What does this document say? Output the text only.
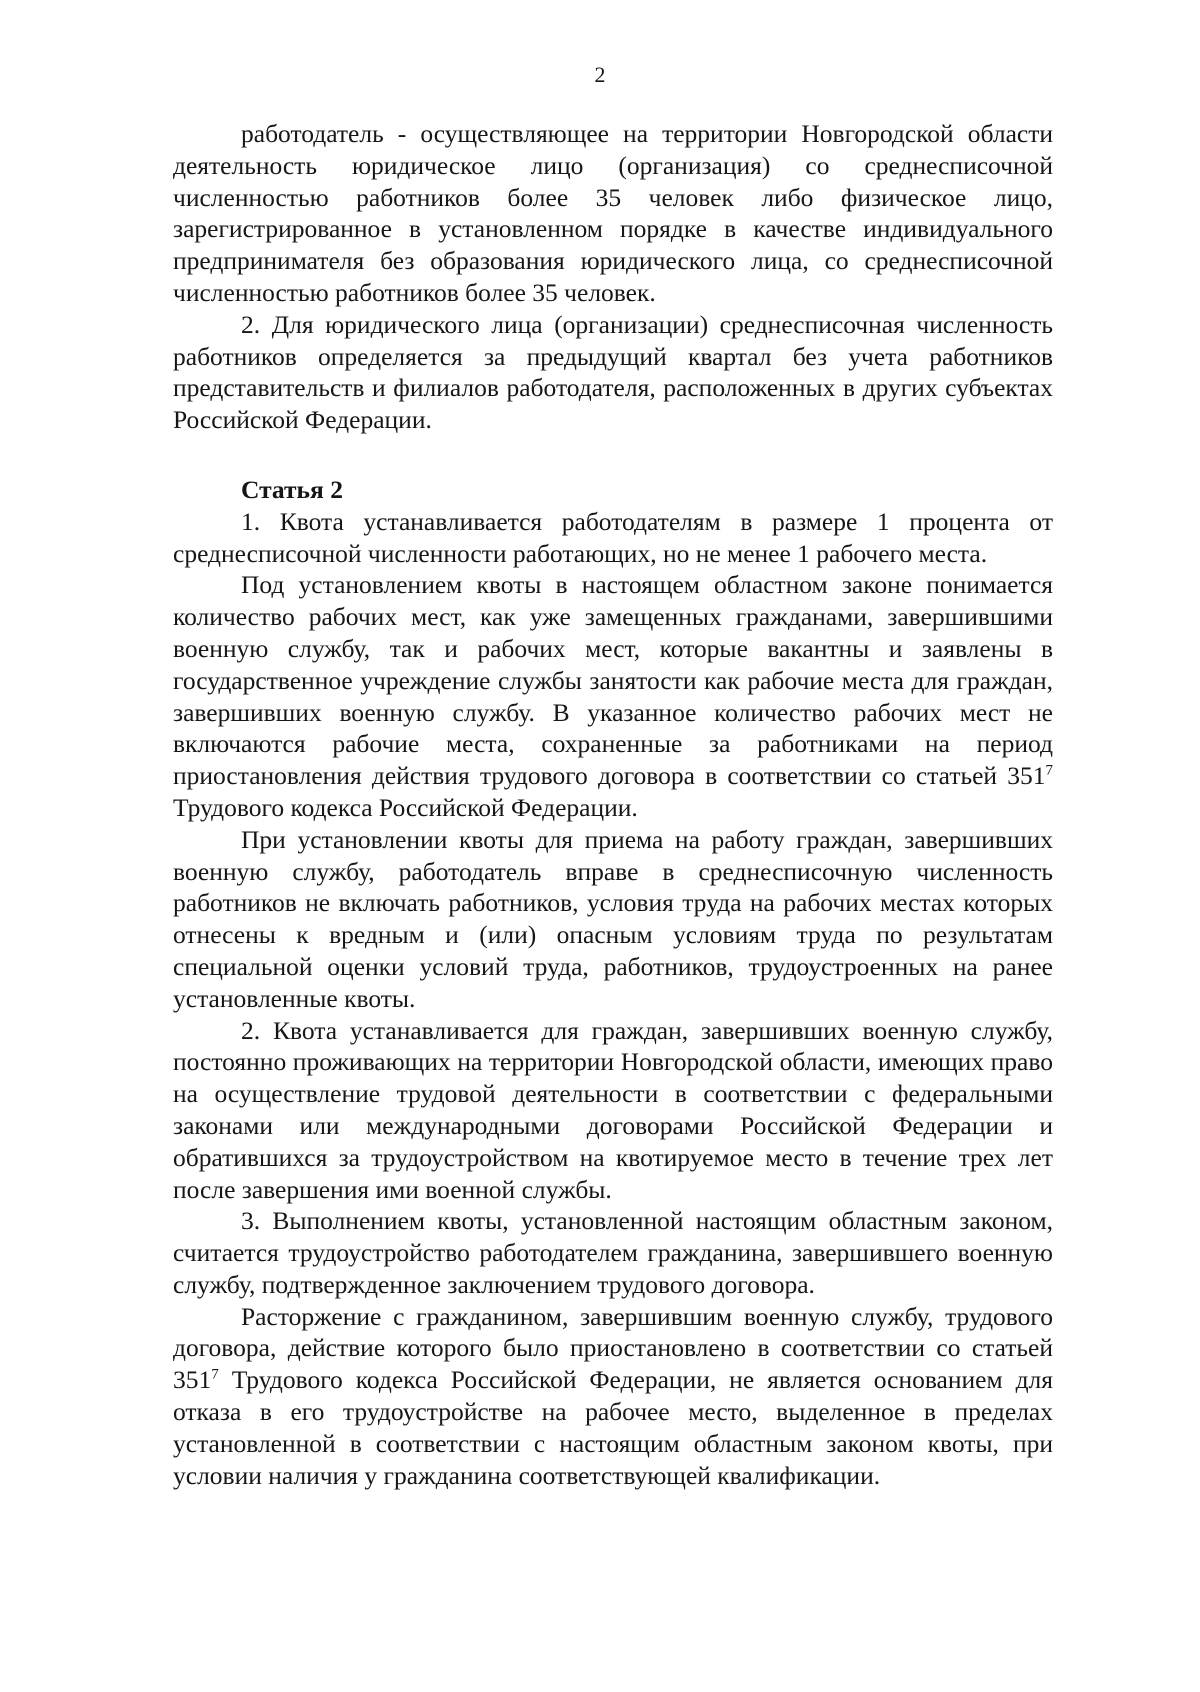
2

работодатель - осуществляющее на территории Новгородской области деятельность юридическое лицо (организация) со среднесписочной численностью работников более 35 человек либо физическое лицо, зарегистрированное в установленном порядке в качестве индивидуального предпринимателя без образования юридического лица, со среднесписочной численностью работников более 35 человек.

2. Для юридического лица (организации) среднесписочная численность работников определяется за предыдущий квартал без учета работников представительств и филиалов работодателя, расположенных в других субъектах Российской Федерации.

Статья 2

1. Квота устанавливается работодателям в размере 1 процента от среднесписочной численности работающих, но не менее 1 рабочего места.

Под установлением квоты в настоящем областном законе понимается количество рабочих мест, как уже замещенных гражданами, завершившими военную службу, так и рабочих мест, которые вакантны и заявлены в государственное учреждение службы занятости как рабочие места для граждан, завершивших военную службу. В указанное количество рабочих мест не включаются рабочие места, сохраненные за работниками на период приостановления действия трудового договора в соответствии со статьей $351^7$ Трудового кодекса Российской Федерации.

При установлении квоты для приема на работу граждан, завершивших военную службу, работодатель вправе в среднесписочную численность работников не включать работников, условия труда на рабочих местах которых отнесены к вредным и (или) опасным условиям труда по результатам специальной оценки условий труда, работников, трудоустроенных на ранее установленные квоты.

2. Квота устанавливается для граждан, завершивших военную службу, постоянно проживающих на территории Новгородской области, имеющих право на осуществление трудовой деятельности в соответствии с федеральными законами или международными договорами Российской Федерации и обратившихся за трудоустройством на квотируемое место в течение трех лет после завершения ими военной службы.

3. Выполнением квоты, установленной настоящим областным законом, считается трудоустройство работодателем гражданина, завершившего военную службу, подтвержденное заключением трудового договора.

Расторжение с гражданином, завершившим военную службу, трудового договора, действие которого было приостановлено в соответствии со статьей $351^7$ Трудового кодекса Российской Федерации, не является основанием для отказа в его трудоустройстве на рабочее место, выделенное в пределах установленной в соответствии с настоящим областным законом квоты, при условии наличия у гражданина соответствующей квалификации.
